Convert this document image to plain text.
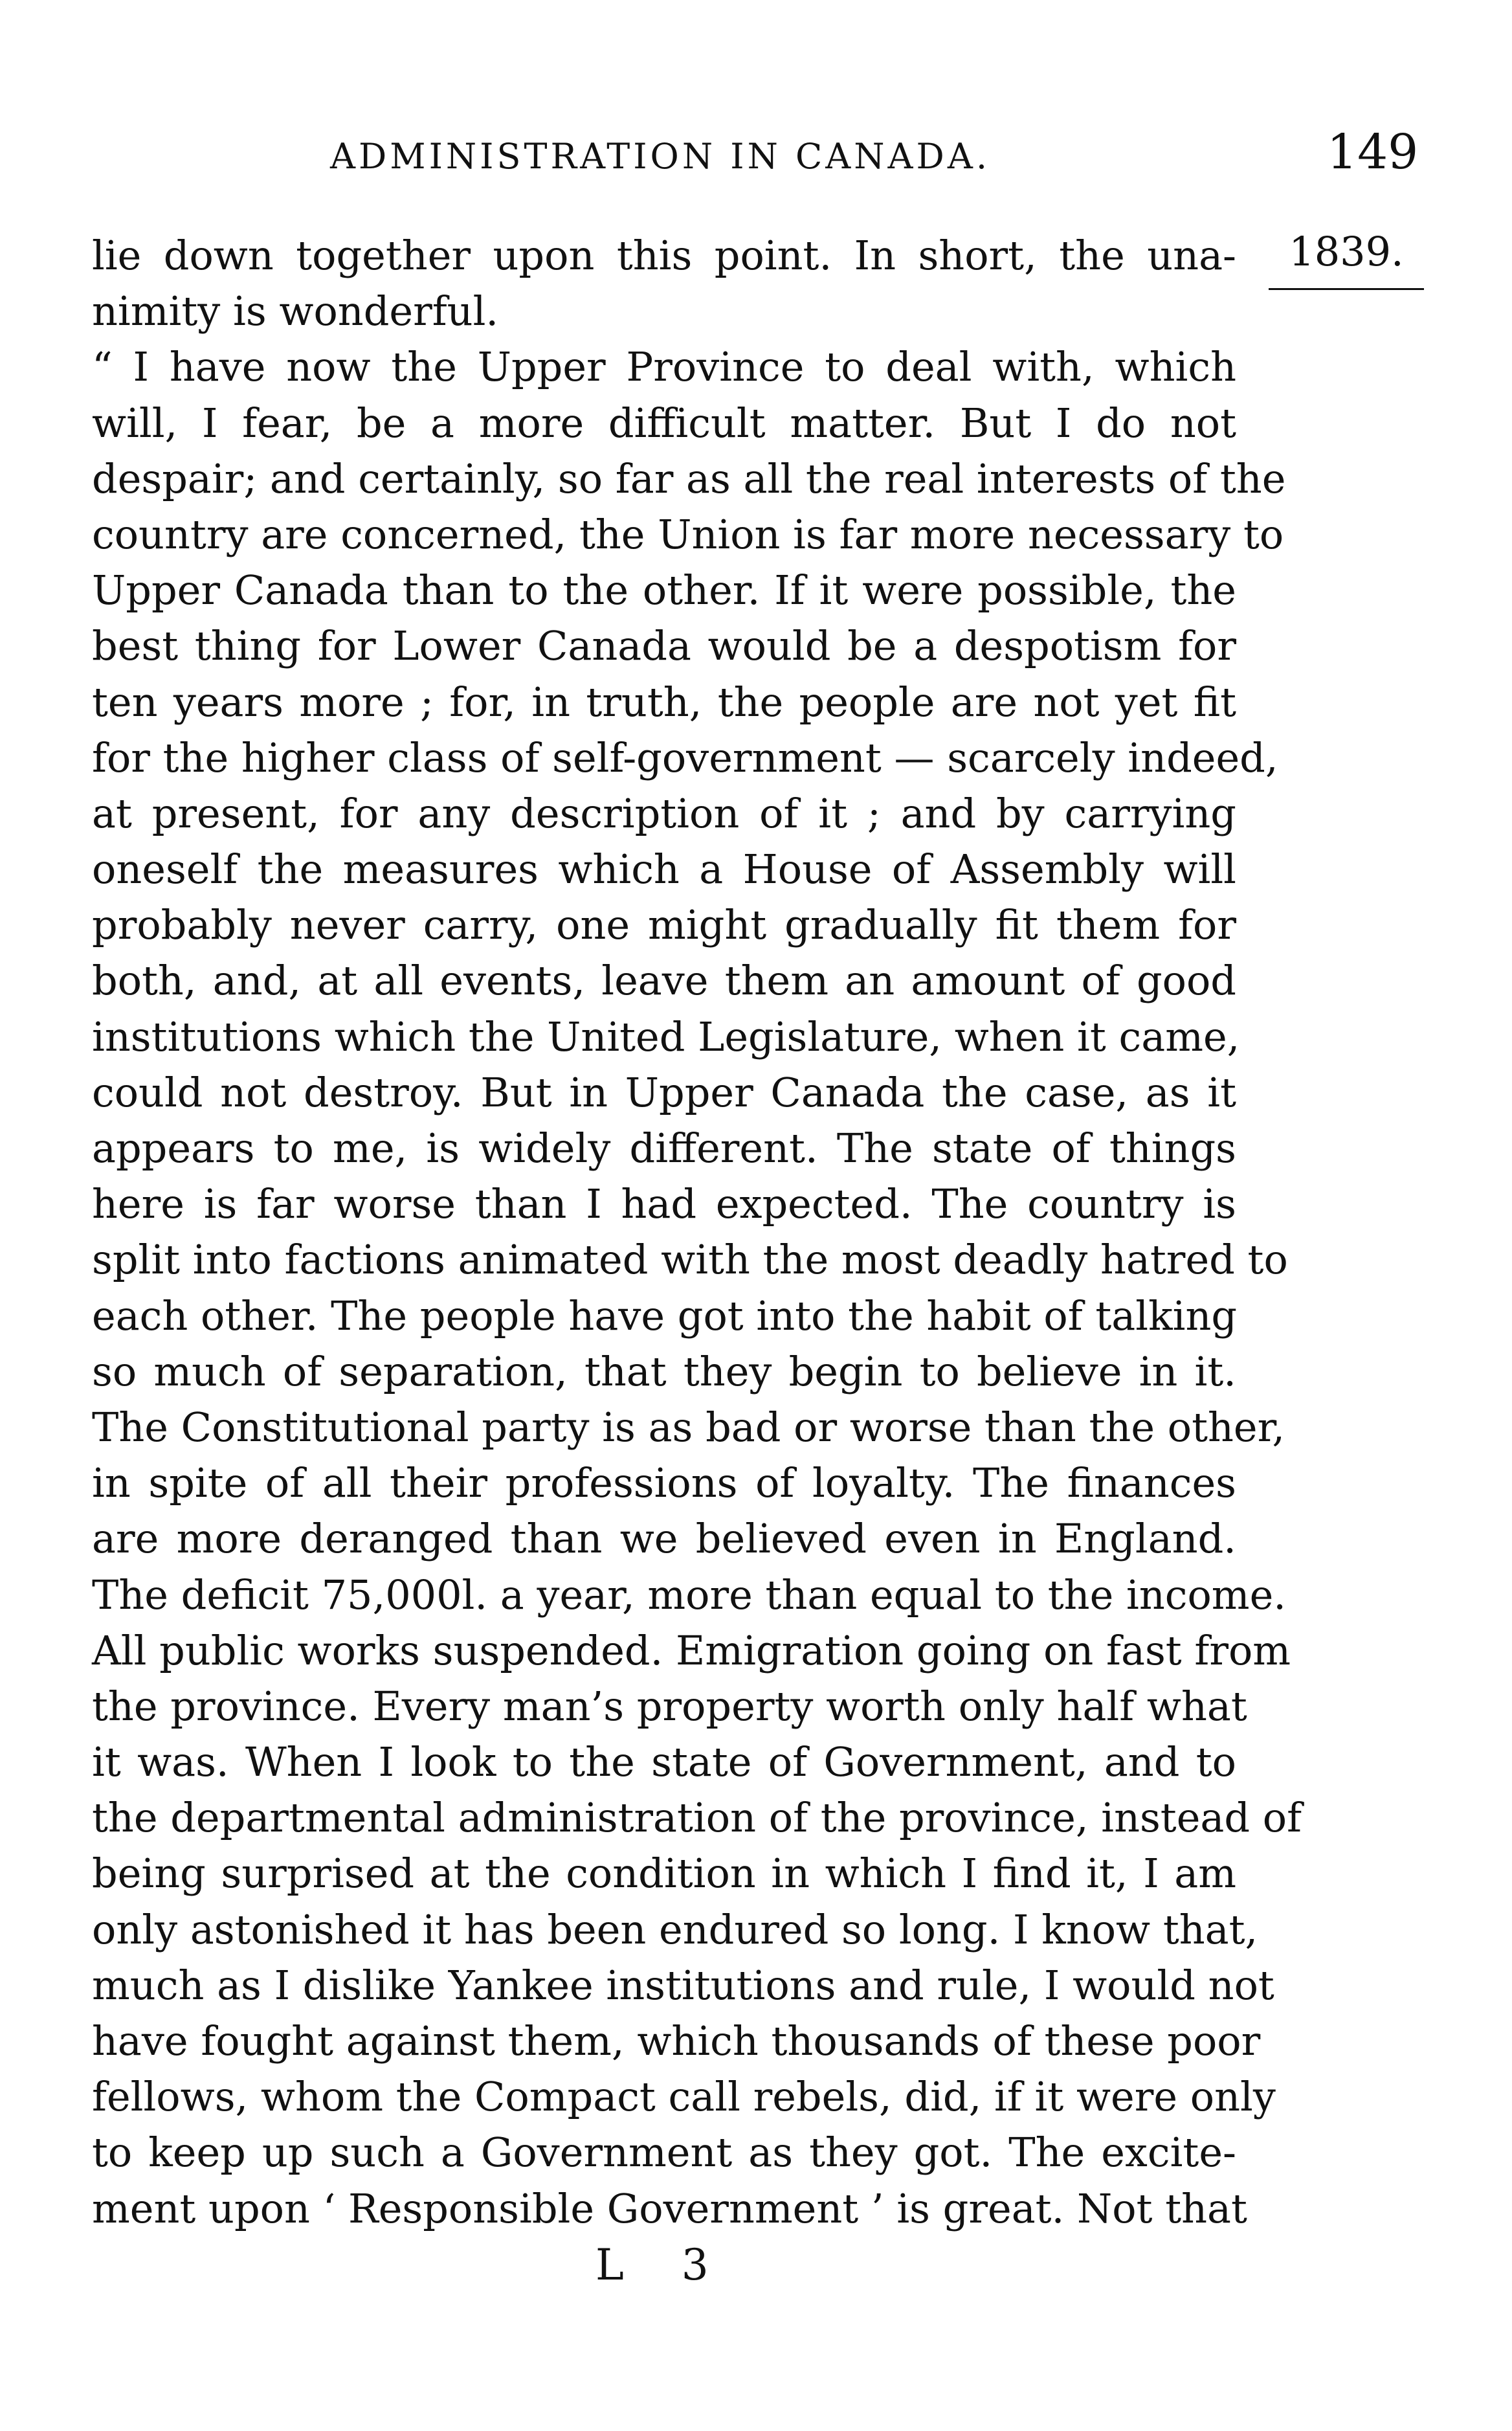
ADMINISTRATION IN CANADA.	149
1839.
lie down together upon this point. In short, the una-
nimity is wonderful.
“ I have now the Upper Province to deal with, which
will, I fear, be a more difficult matter. But I do not
despair; and certainly, so far as all the real interests of the
country are concerned, the Union is far more necessary to
Upper Canada than to the other. If it were possible, the
best thing for Lower Canada would be a despotism for
ten years more ; for, in truth, the people are not yet fit
for the higher class of self-government — scarcely indeed,
at present, for any description of it ; and by carrying
oneself the measures which a House of Assembly will
probably never carry, one might gradually fit them for
both, and, at all events, leave them an amount of good
institutions which the United Legislature, when it came,
could not destroy. But in Upper Canada the case, as it
appears to me, is widely different. The state of things
here is far worse than I had expected. The country is
split into factions animated with the most deadly hatred to
each other. The people have got into the habit of talking
so much of separation, that they begin to believe in it.
The Constitutional party is as bad or worse than the other,
in spite of all their professions of loyalty. The finances
are more deranged than we believed even in England.
The deficit 75,000l. a year, more than equal to the income.
All public works suspended. Emigration going on fast from
the province. Every man’s property worth only half what
it was. When I look to the state of Government, and to
the departmental administration of the province, instead of
being surprised at the condition in which I find it, I am
only astonished it has been endured so long. I know that,
much as I dislike Yankee institutions and rule, I would not
have fought against them, which thousands of these poor
fellows, whom the Compact call rebels, did, if it were only
to keep up such a Government as they got. The excite-
ment upon ‘ Responsible Government ’ is great. Not that
L 3
